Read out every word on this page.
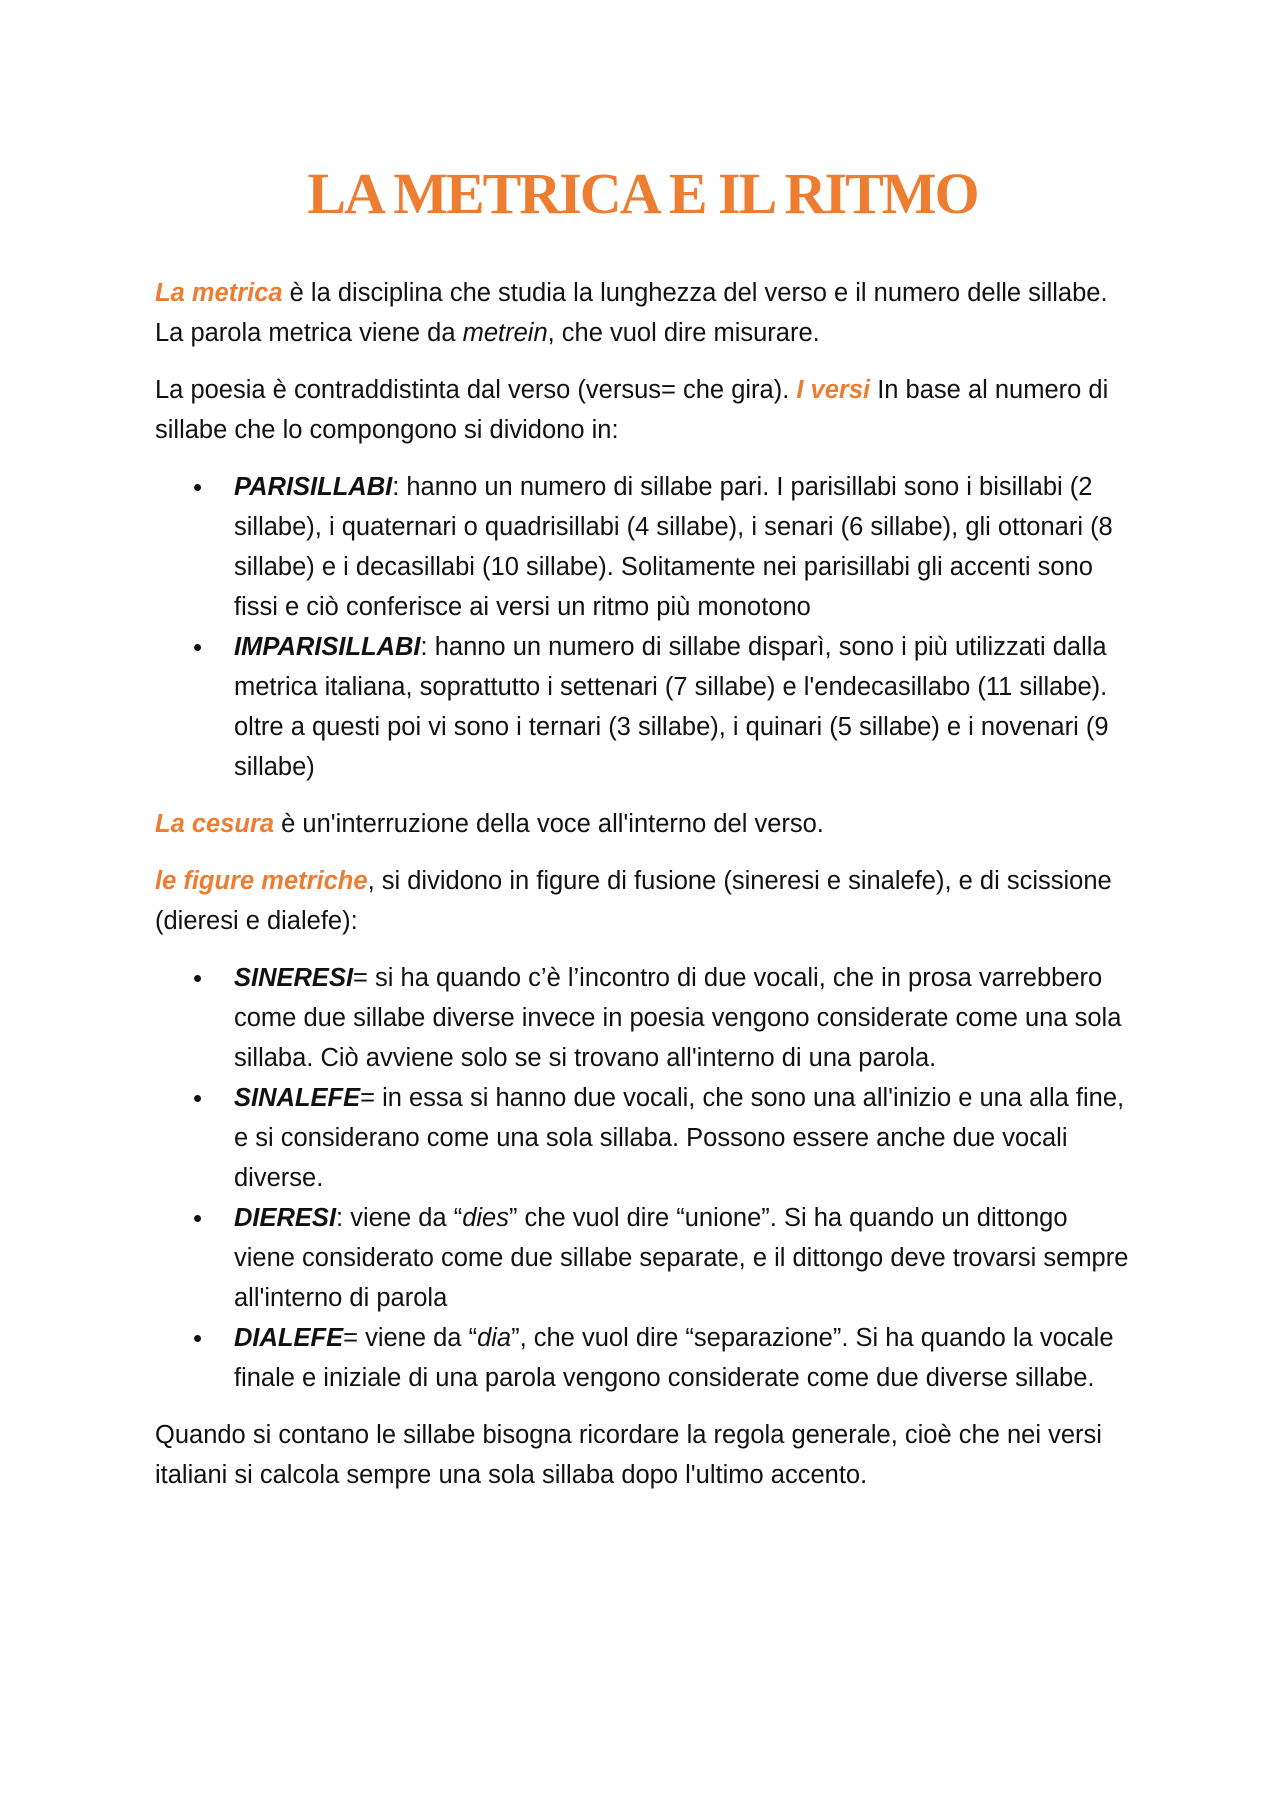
LA METRICA E IL RITMO

La metrica è la disciplina che studia la lunghezza del verso e il numero delle sillabe. La parola metrica viene da metrein, che vuol dire misurare.

La poesia è contraddistinta dal verso (versus= che gira). I versi In base al numero di sillabe che lo compongono si dividono in:

• PARISILLABI: hanno un numero di sillabe pari. I parisillabi sono i bisillabi (2 sillabe), i quaternari o quadrisillabi (4 sillabe), i senari (6 sillabe), gli ottonari (8 sillabe) e i decasillabi (10 sillabe). Solitamente nei parisillabi gli accenti sono fissi e ciò conferisce ai versi un ritmo più monotono
• IMPARISILLABI: hanno un numero di sillabe disparì, sono i più utilizzati dalla metrica italiana, soprattutto i settenari (7 sillabe) e l'endecasillabo (11 sillabe). oltre a questi poi vi sono i ternari (3 sillabe), i quinari (5 sillabe) e i novenari (9 sillabe)

La cesura è un'interruzione della voce all'interno del verso.

le figure metriche, si dividono in figure di fusione (sineresi e sinalefe), e di scissione (dieresi e dialefe):

• SINERESI= si ha quando c’è l’incontro di due vocali, che in prosa varrebbero come due sillabe diverse invece in poesia vengono considerate come una sola sillaba. Ciò avviene solo se si trovano all'interno di una parola.
• SINALEFE= in essa si hanno due vocali, che sono una all'inizio e una alla fine, e si considerano come una sola sillaba. Possono essere anche due vocali diverse.
• DIERESI: viene da “dies” che vuol dire “unione”. Si ha quando un dittongo viene considerato come due sillabe separate, e il dittongo deve trovarsi sempre all'interno di parola
• DIALEFE= viene da “dia”, che vuol dire “separazione”. Si ha quando la vocale finale e iniziale di una parola vengono considerate come due diverse sillabe.

Quando si contano le sillabe bisogna ricordare la regola generale, cioè che nei versi italiani si calcola sempre una sola sillaba dopo l'ultimo accento.
